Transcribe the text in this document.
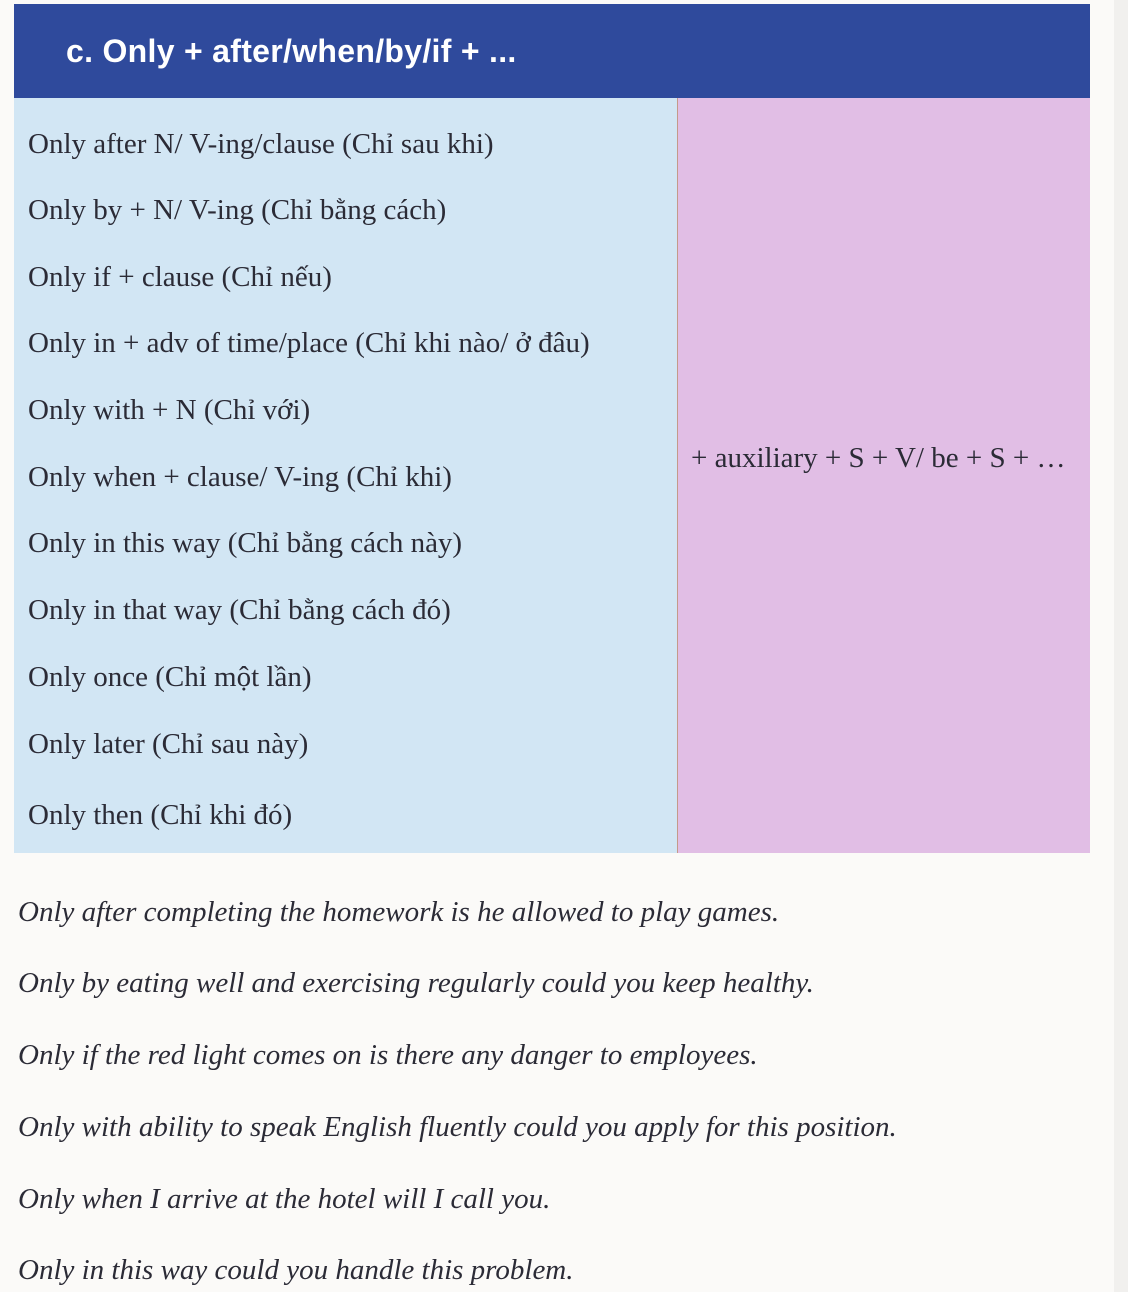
c. Only + after/when/by/if + ...
Only after N/ V-ing/clause (Chỉ sau khi)
Only by + N/ V-ing (Chỉ bằng cách)
Only if + clause (Chỉ nếu)
Only in + adv of time/place (Chỉ khi nào/ ở đâu)
Only with + N (Chỉ với)
Only when + clause/ V-ing (Chỉ khi)
Only in this way (Chỉ bằng cách này)
Only in that way (Chỉ bằng cách đó)
Only once (Chỉ một lần)
Only later (Chỉ sau này)
Only then (Chỉ khi đó)
+ auxiliary + S + V/ be + S + …
Only after completing the homework is he allowed to play games.
Only by eating well and exercising regularly could you keep healthy.
Only if the red light comes on is there any danger to employees.
Only with ability to speak English fluently could you apply for this position.
Only when I arrive at the hotel will I call you.
Only in this way could you handle this problem.
